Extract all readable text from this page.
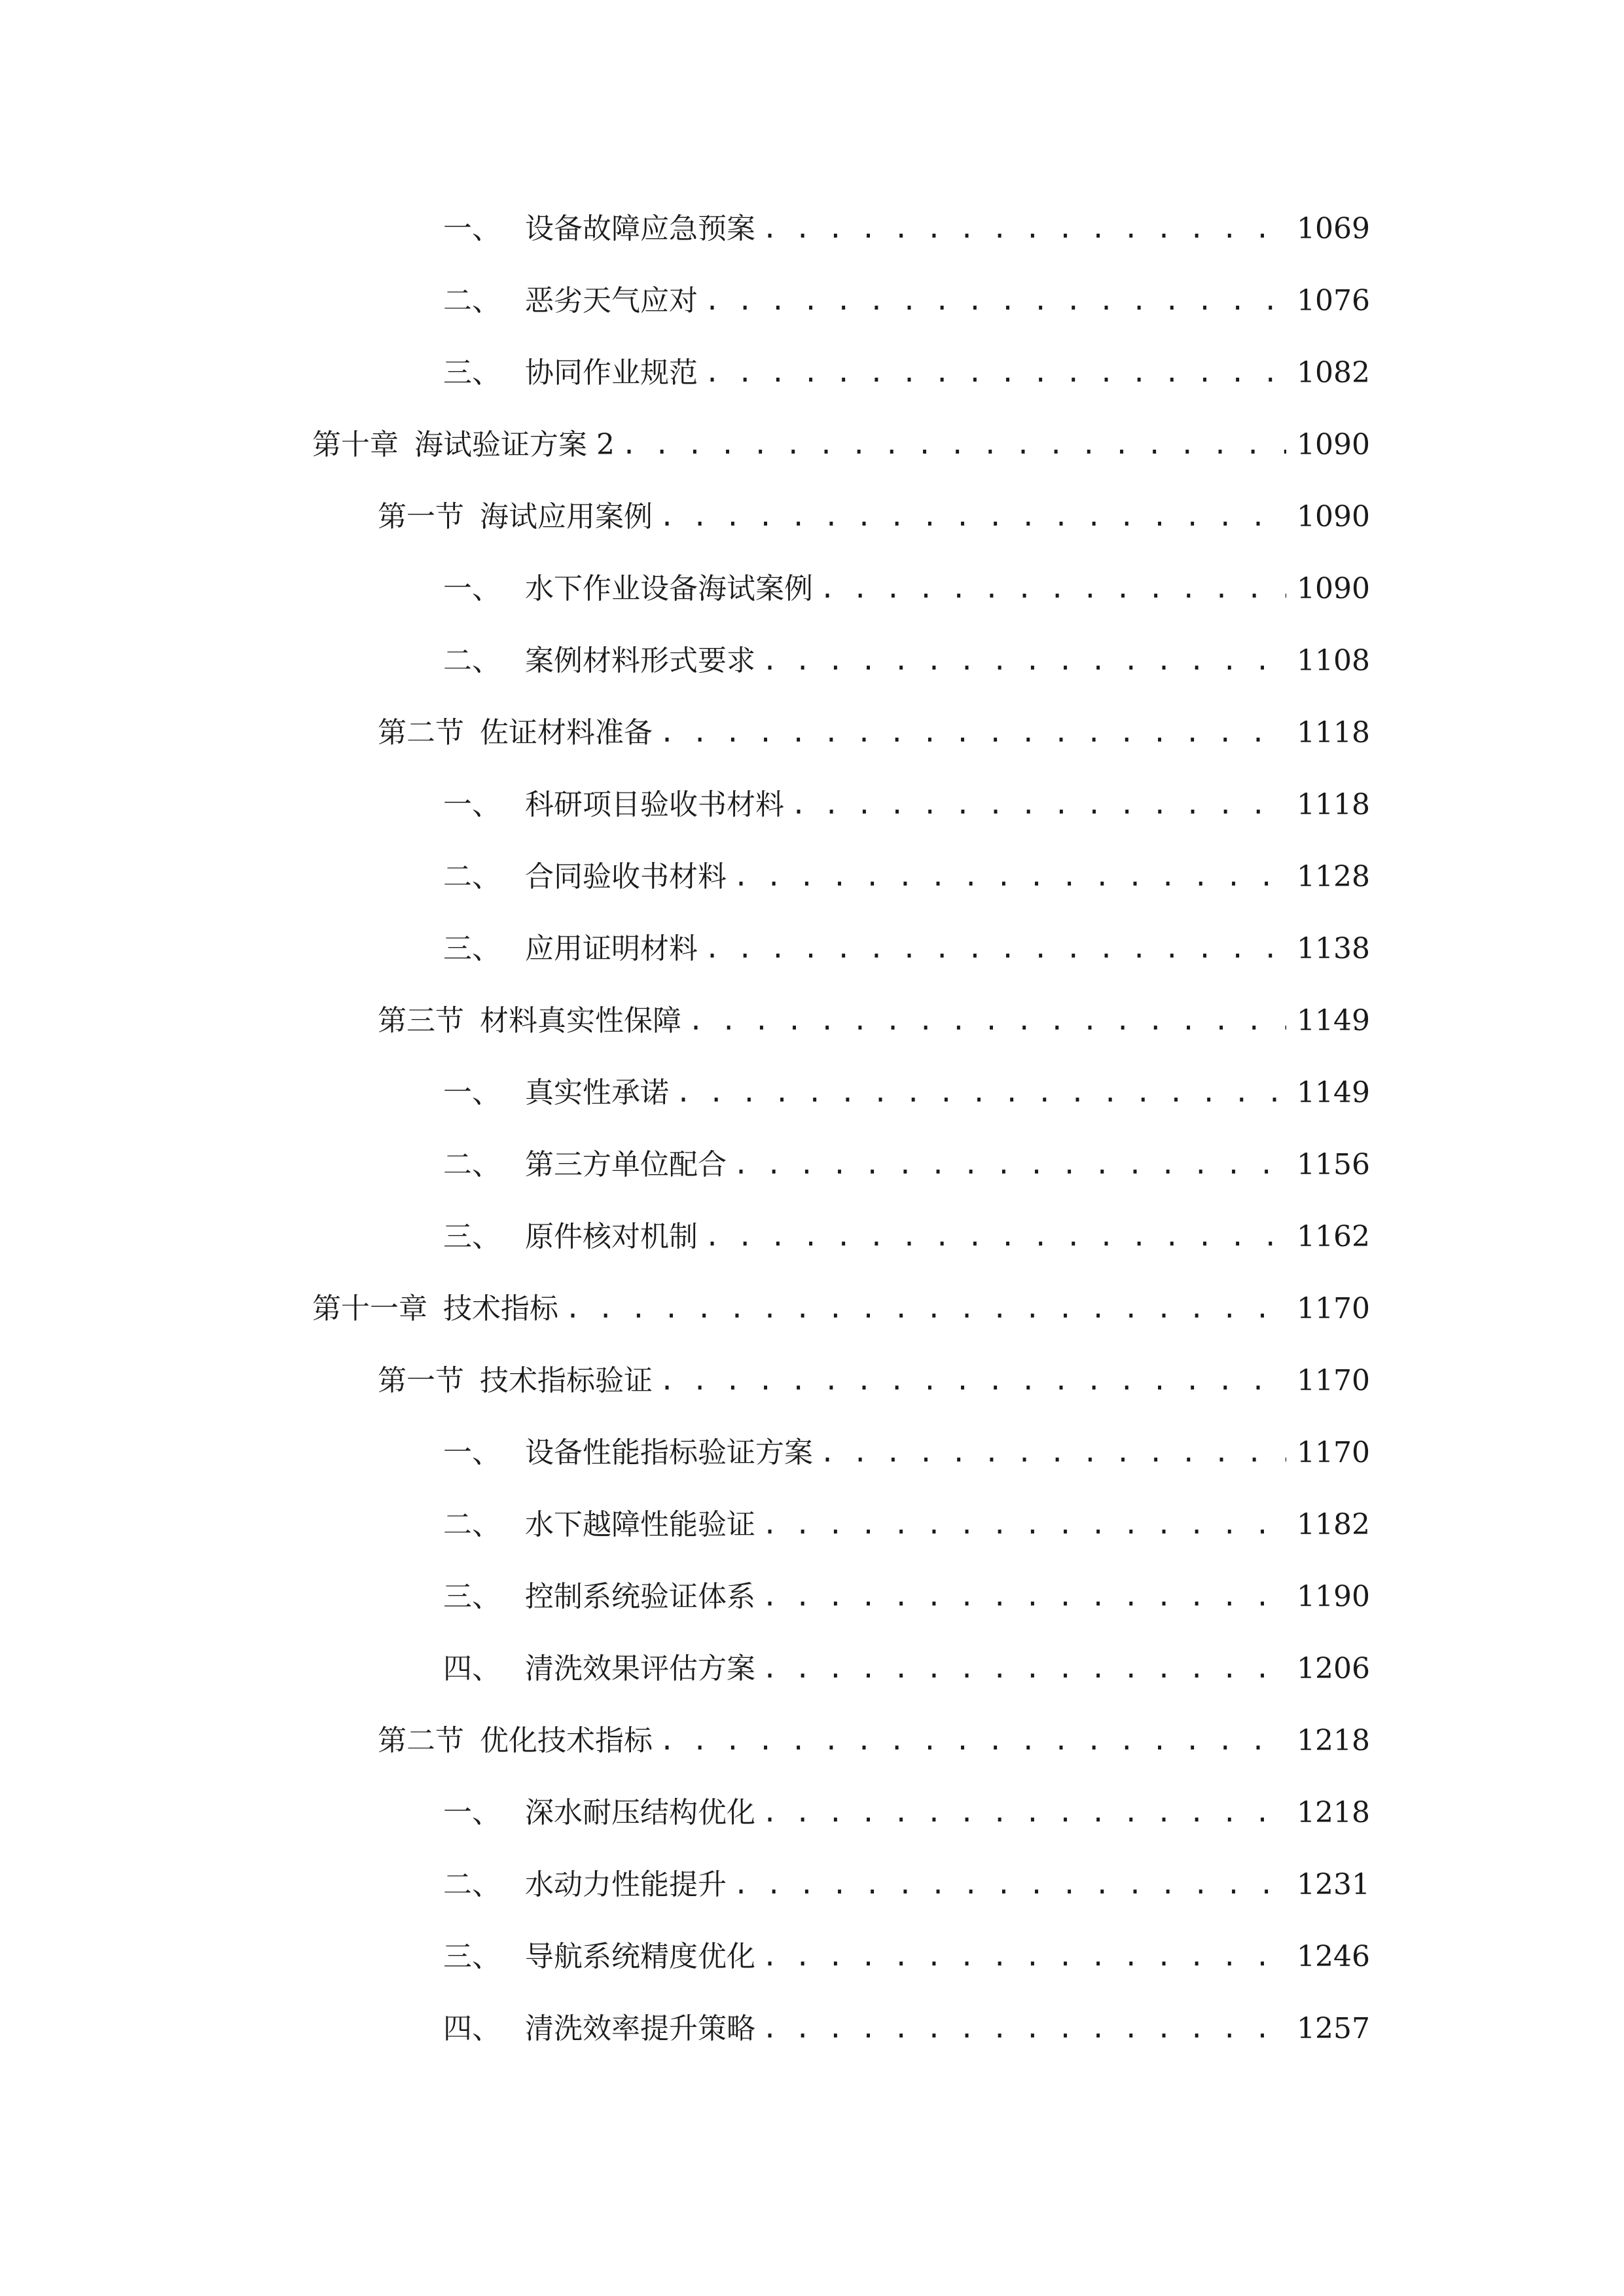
一、 设备故障应急预案 . . .	1069
二、 恶劣天气应对 . . .	1076
三、 协同作业规范 . . .	1082
第十章 海试验证方案 2 . . .	1090
第一节 海试应用案例 . . .	1090
一、 水下作业设备海试案例 . . .	1090
二、 案例材料形式要求 . . .	1108
第二节 佐证材料准备 . . .	1118
一、 科研项目验收书材料 . . .	1118
二、 合同验收书材料 . . .	1128
三、 应用证明材料 . . .	1138
第三节 材料真实性保障 . . .	1149
一、 真实性承诺 . . .	1149
二、 第三方单位配合 . . .	1156
三、 原件核对机制 . . .	1162
第十一章 技术指标 . . .	1170
第一节 技术指标验证 . . .	1170
一、 设备性能指标验证方案 . . .	1170
二、 水下越障性能验证 . . .	1182
三、 控制系统验证体系 . . .	1190
四、 清洗效果评估方案 . . .	1206
第二节 优化技术指标 . . .	1218
一、 深水耐压结构优化 . . .	1218
二、 水动力性能提升 . . .	1231
三、 导航系统精度优化 . . .	1246
四、 清洗效率提升策略 . . .	1257
